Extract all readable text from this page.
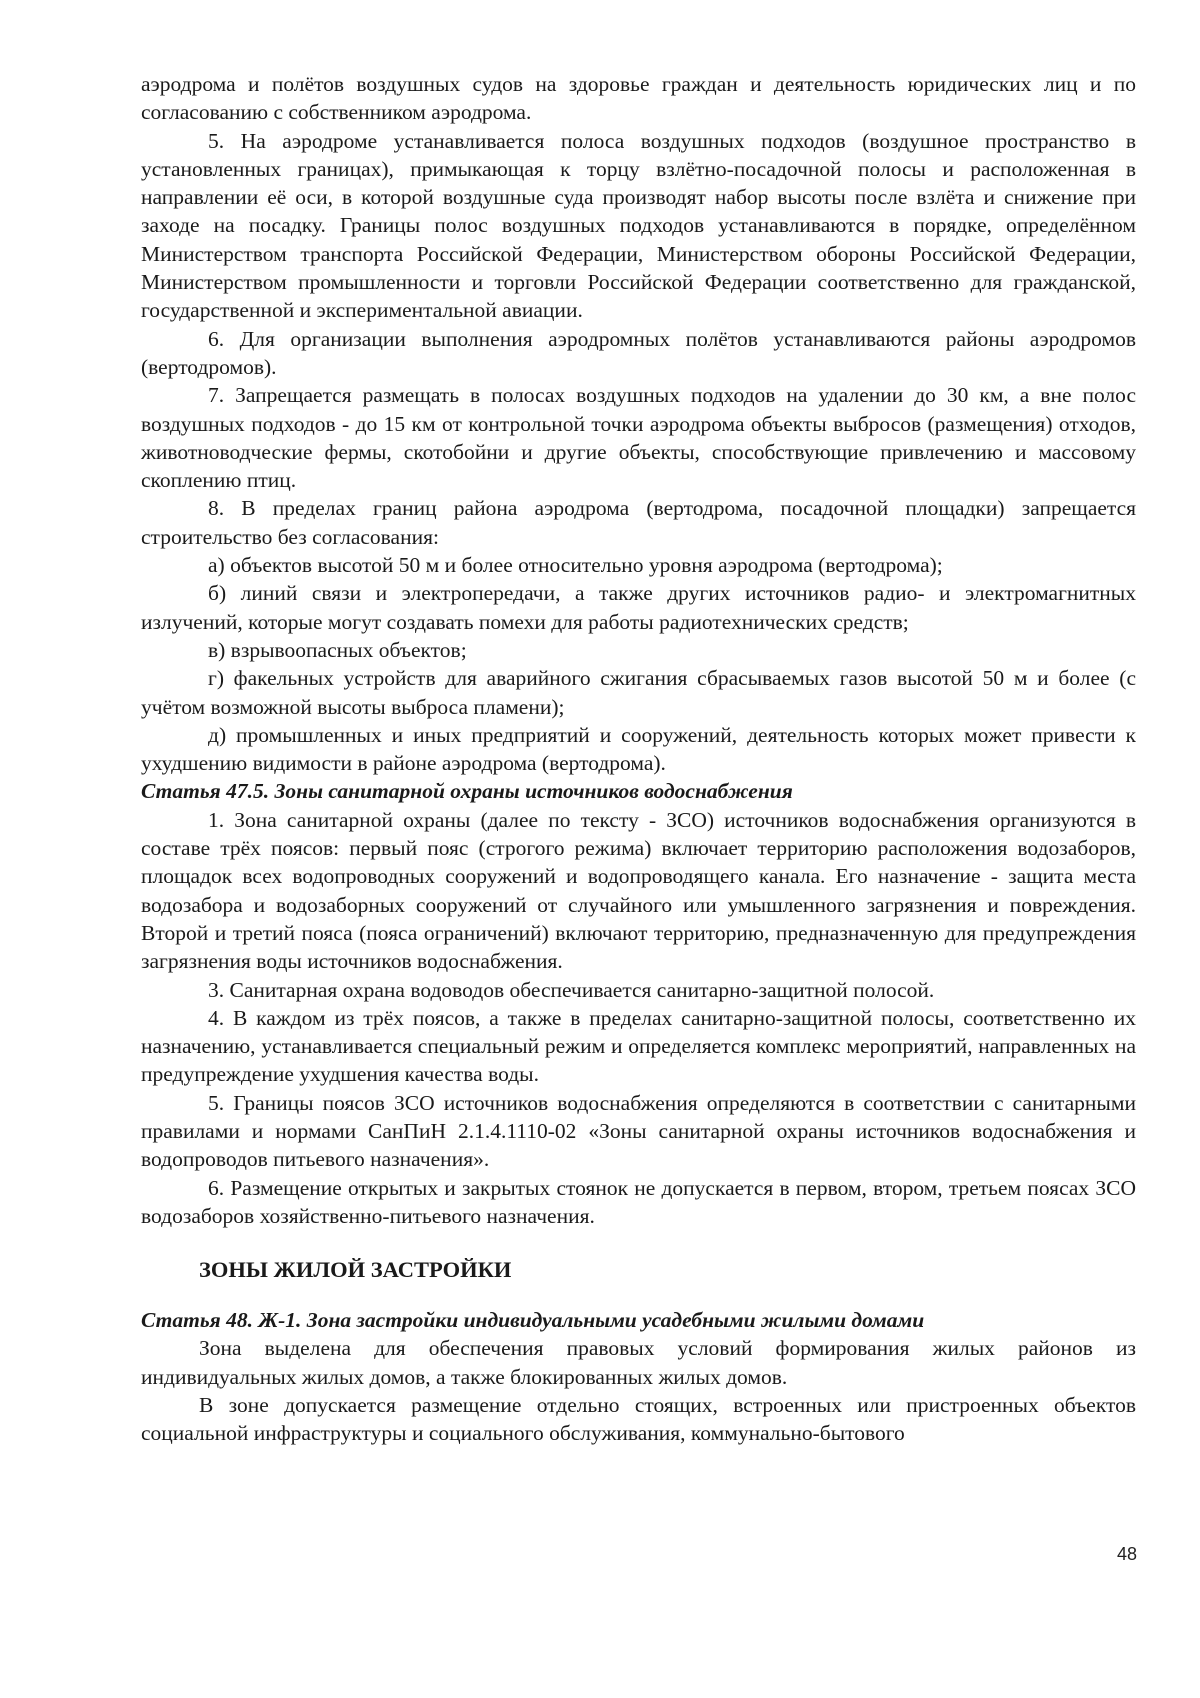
аэродрома и полётов воздушных судов на здоровье граждан и деятельность юридических лиц и по согласованию с собственником аэродрома.

5. На аэродроме устанавливается полоса воздушных подходов (воздушное пространство в установленных границах), примыкающая к торцу взлётно-посадочной полосы и расположенная в направлении её оси, в которой воздушные суда производят набор высоты после взлёта и снижение при заходе на посадку. Границы полос воздушных подходов устанавливаются в порядке, определённом Министерством транспорта Российской Федерации, Министерством обороны Российской Федерации, Министерством промышленности и торговли Российской Федерации соответственно для гражданской, государственной и экспериментальной авиации.

6. Для организации выполнения аэродромных полётов устанавливаются районы аэродромов (вертодромов).

7. Запрещается размещать в полосах воздушных подходов на удалении до 30 км, а вне полос воздушных подходов - до 15 км от контрольной точки аэродрома объекты выбросов (размещения) отходов, животноводческие фермы, скотобойни и другие объекты, способствующие привлечению и массовому скоплению птиц.

8. В пределах границ района аэродрома (вертодрома, посадочной площадки) запрещается строительство без согласования:

а) объектов высотой 50 м и более относительно уровня аэродрома (вертодрома);

б) линий связи и электропередачи, а также других источников радио- и электромагнитных излучений, которые могут создавать помехи для работы радиотехнических средств;

в) взрывоопасных объектов;

г) факельных устройств для аварийного сжигания сбрасываемых газов высотой 50 м и более (с учётом возможной высоты выброса пламени);

д) промышленных и иных предприятий и сооружений, деятельность которых может привести к ухудшению видимости в районе аэродрома (вертодрома).

Статья 47.5. Зоны санитарной охраны источников водоснабжения

1. Зона санитарной охраны (далее по тексту - ЗСО) источников водоснабжения организуются в составе трёх поясов: первый пояс (строгого режима) включает территорию расположения водозаборов, площадок всех водопроводных сооружений и водопроводящего канала. Его назначение - защита места водозабора и водозаборных сооружений от случайного или умышленного загрязнения и повреждения. Второй и третий пояса (пояса ограничений) включают территорию, предназначенную для предупреждения загрязнения воды источников водоснабжения.

3. Санитарная охрана водоводов обеспечивается санитарно-защитной полосой.

4. В каждом из трёх поясов, а также в пределах санитарно-защитной полосы, соответственно их назначению, устанавливается специальный режим и определяется комплекс мероприятий, направленных на предупреждение ухудшения качества воды.

5. Границы поясов ЗСО источников водоснабжения определяются в соответствии с санитарными правилами и нормами СанПиН 2.1.4.1110-02 «Зоны санитарной охраны источников водоснабжения и водопроводов питьевого назначения».

6. Размещение открытых и закрытых стоянок не допускается в первом, втором, третьем поясах ЗСО водозаборов хозяйственно-питьевого назначения.

ЗОНЫ ЖИЛОЙ ЗАСТРОЙКИ

Статья 48. Ж-1. Зона застройки индивидуальными усадебными жилыми домами

Зона выделена для обеспечения правовых условий формирования жилых районов из индивидуальных жилых домов, а также блокированных жилых домов.

В зоне допускается размещение отдельно стоящих, встроенных или пристроенных объектов социальной инфраструктуры и социального обслуживания, коммунально-бытового

48
